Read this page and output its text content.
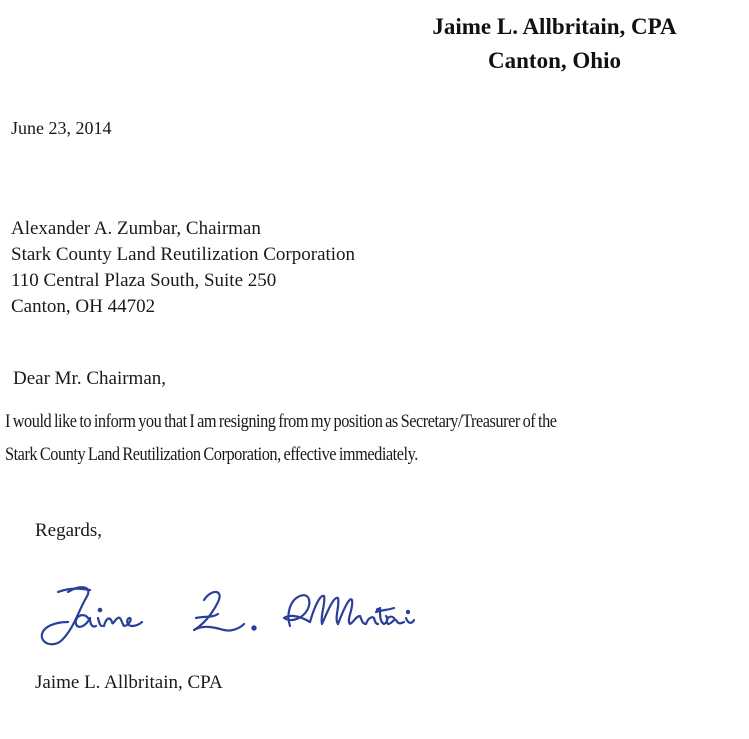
Jaime L. Allbritain, CPA
Canton, Ohio
June 23, 2014
Alexander A. Zumbar, Chairman
Stark County Land Reutilization Corporation
110 Central Plaza South, Suite 250
Canton, OH 44702
Dear Mr. Chairman,
I would like to inform you that I am resigning from my position as Secretary/Treasurer of the
Stark County Land Reutilization Corporation, effective immediately.
Regards,
Jaime L. Allbritain, CPA
